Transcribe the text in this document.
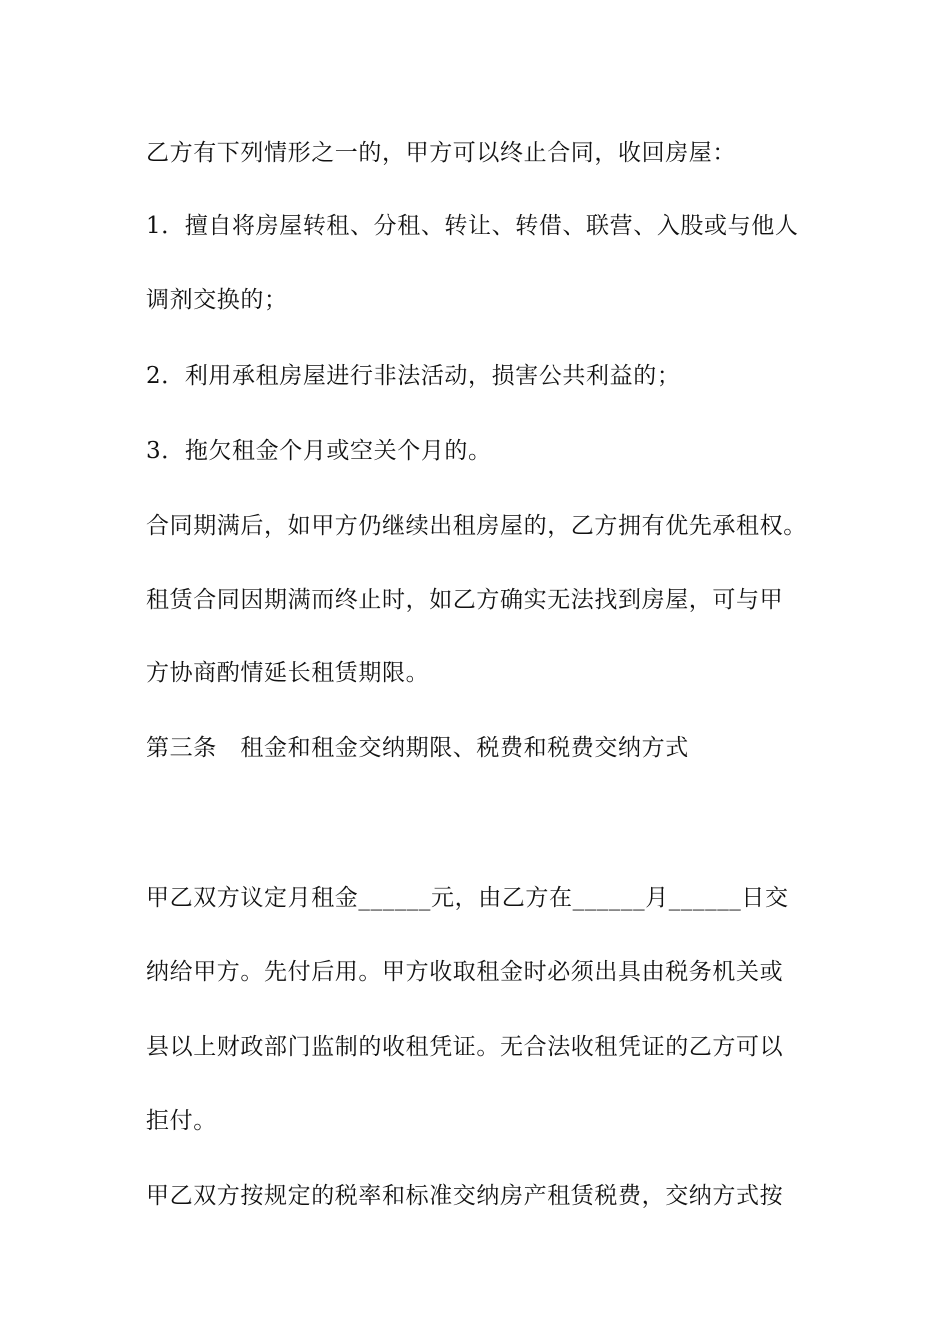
乙方有下列情形之一的，甲方可以终止合同，收回房屋：
1．擅自将房屋转租、分租、转让、转借、联营、入股或与他人
调剂交换的；
2．利用承租房屋进行非法活动，损害公共利益的；
3．拖欠租金个月或空关个月的。
合同期满后，如甲方仍继续出租房屋的，乙方拥有优先承租权。
租赁合同因期满而终止时，如乙方确实无法找到房屋，可与甲
方协商酌情延长租赁期限。
第三条　租金和租金交纳期限、税费和税费交纳方式
甲乙双方议定月租金______元，由乙方在______月______日交
纳给甲方。先付后用。甲方收取租金时必须出具由税务机关或
县以上财政部门监制的收租凭证。无合法收租凭证的乙方可以
拒付。
甲乙双方按规定的税率和标准交纳房产租赁税费，交纳方式按
